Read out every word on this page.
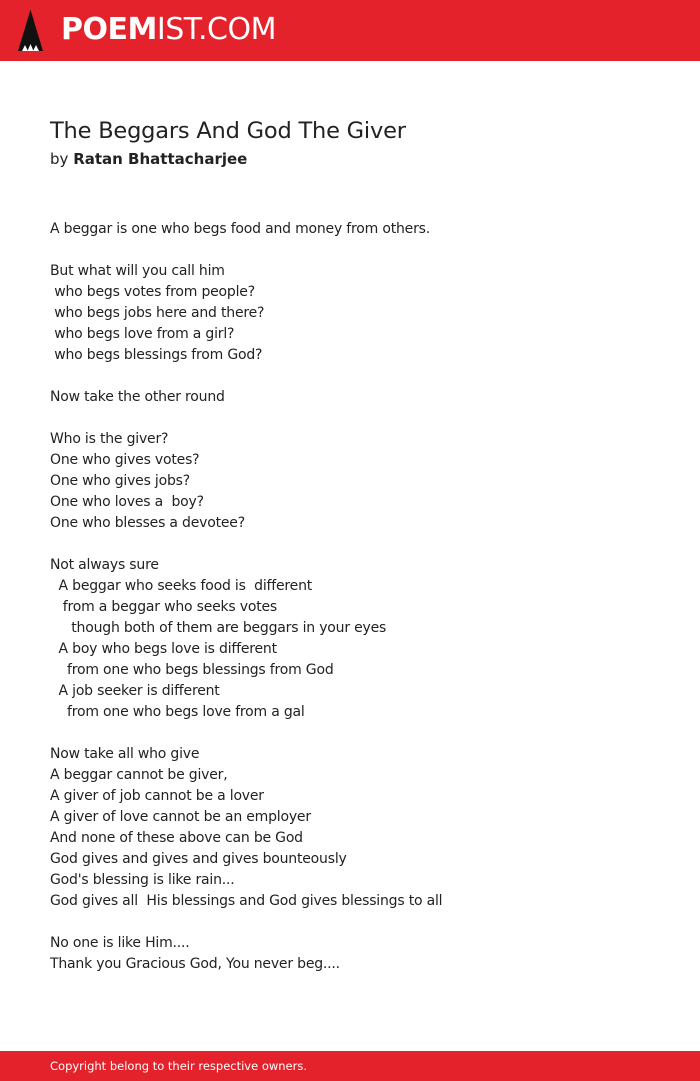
POEMIST.COM
The Beggars And God The Giver
by Ratan Bhattacharjee
A beggar is one who begs food and money from others.
But what will you call him
who begs votes from people?
who begs jobs here and there?
who begs love from a girl?
who begs blessings from God?
Now take the other round
Who is the giver?
One who gives votes?
One who gives jobs?
One who loves a  boy?
One who blesses a devotee?
Not always sure
A beggar who seeks food is  different
from a beggar who seeks votes
though both of them are beggars in your eyes
A boy who begs love is different
from one who begs blessings from God
A job seeker is different
from one who begs love from a gal
Now take all who give
A beggar cannot be giver,
A giver of job cannot be a lover
A giver of love cannot be an employer
And none of these above can be God
God gives and gives and gives bounteously
God's blessing is like rain...
God gives all  His blessings and God gives blessings to all
No one is like Him....
Thank you Gracious God, You never beg....
Copyright belong to their respective owners.
